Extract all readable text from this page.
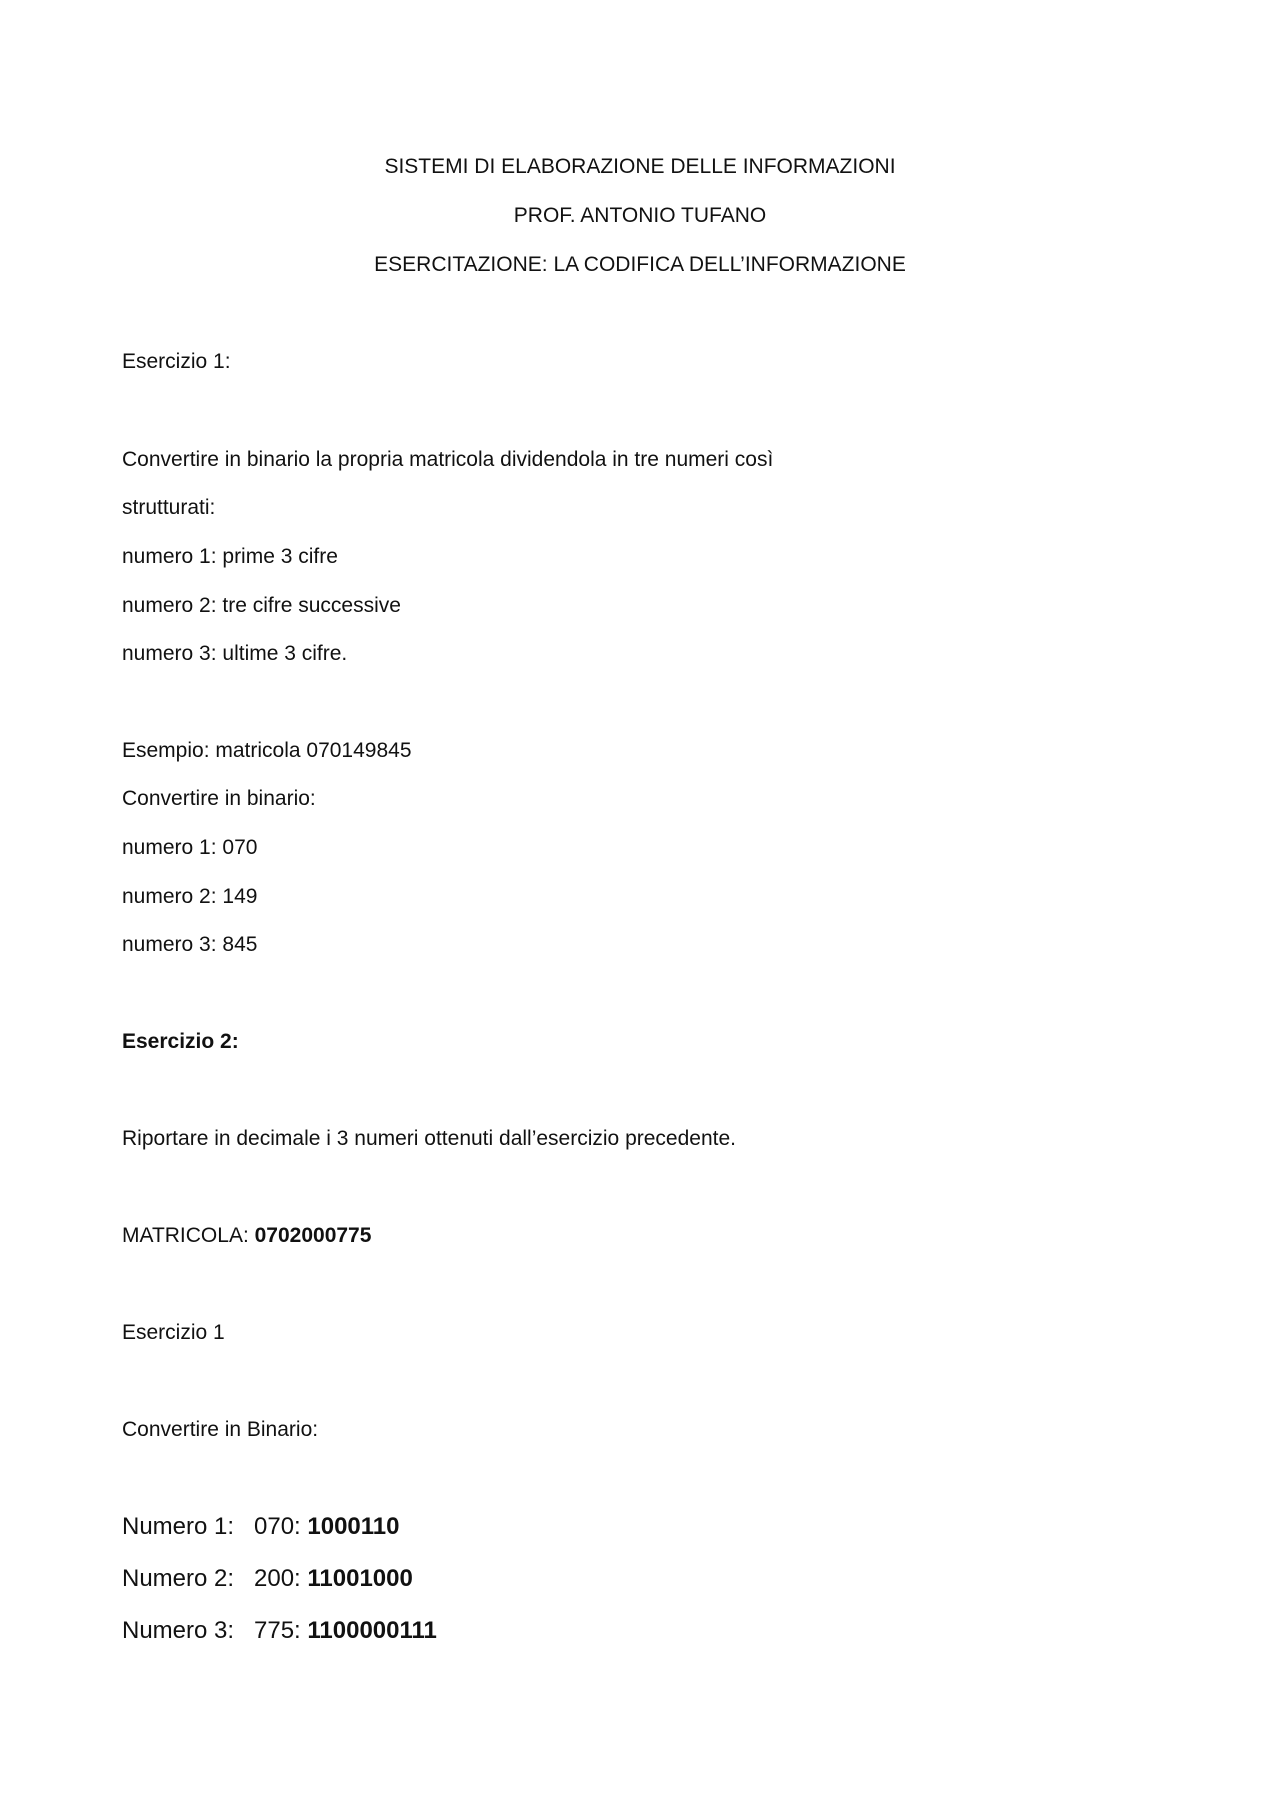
SISTEMI DI ELABORAZIONE DELLE INFORMAZIONI
PROF. ANTONIO TUFANO
ESERCITAZIONE: LA CODIFICA DELL’INFORMAZIONE
Esercizio 1:
Convertire in binario la propria matricola dividendola in tre numeri così
strutturati:
numero 1: prime 3 cifre
numero 2: tre cifre successive
numero 3: ultime 3 cifre.
Esempio: matricola 070149845
Convertire in binario:
numero 1: 070
numero 2: 149
numero 3: 845
Esercizio 2:
Riportare in decimale i 3 numeri ottenuti dall’esercizio precedente.
MATRICOLA: 0702000775
Esercizio 1
Convertire in Binario:
Numero 1: 070: 1000110
Numero 2: 200: 11001000
Numero 3: 775: 1100000111
